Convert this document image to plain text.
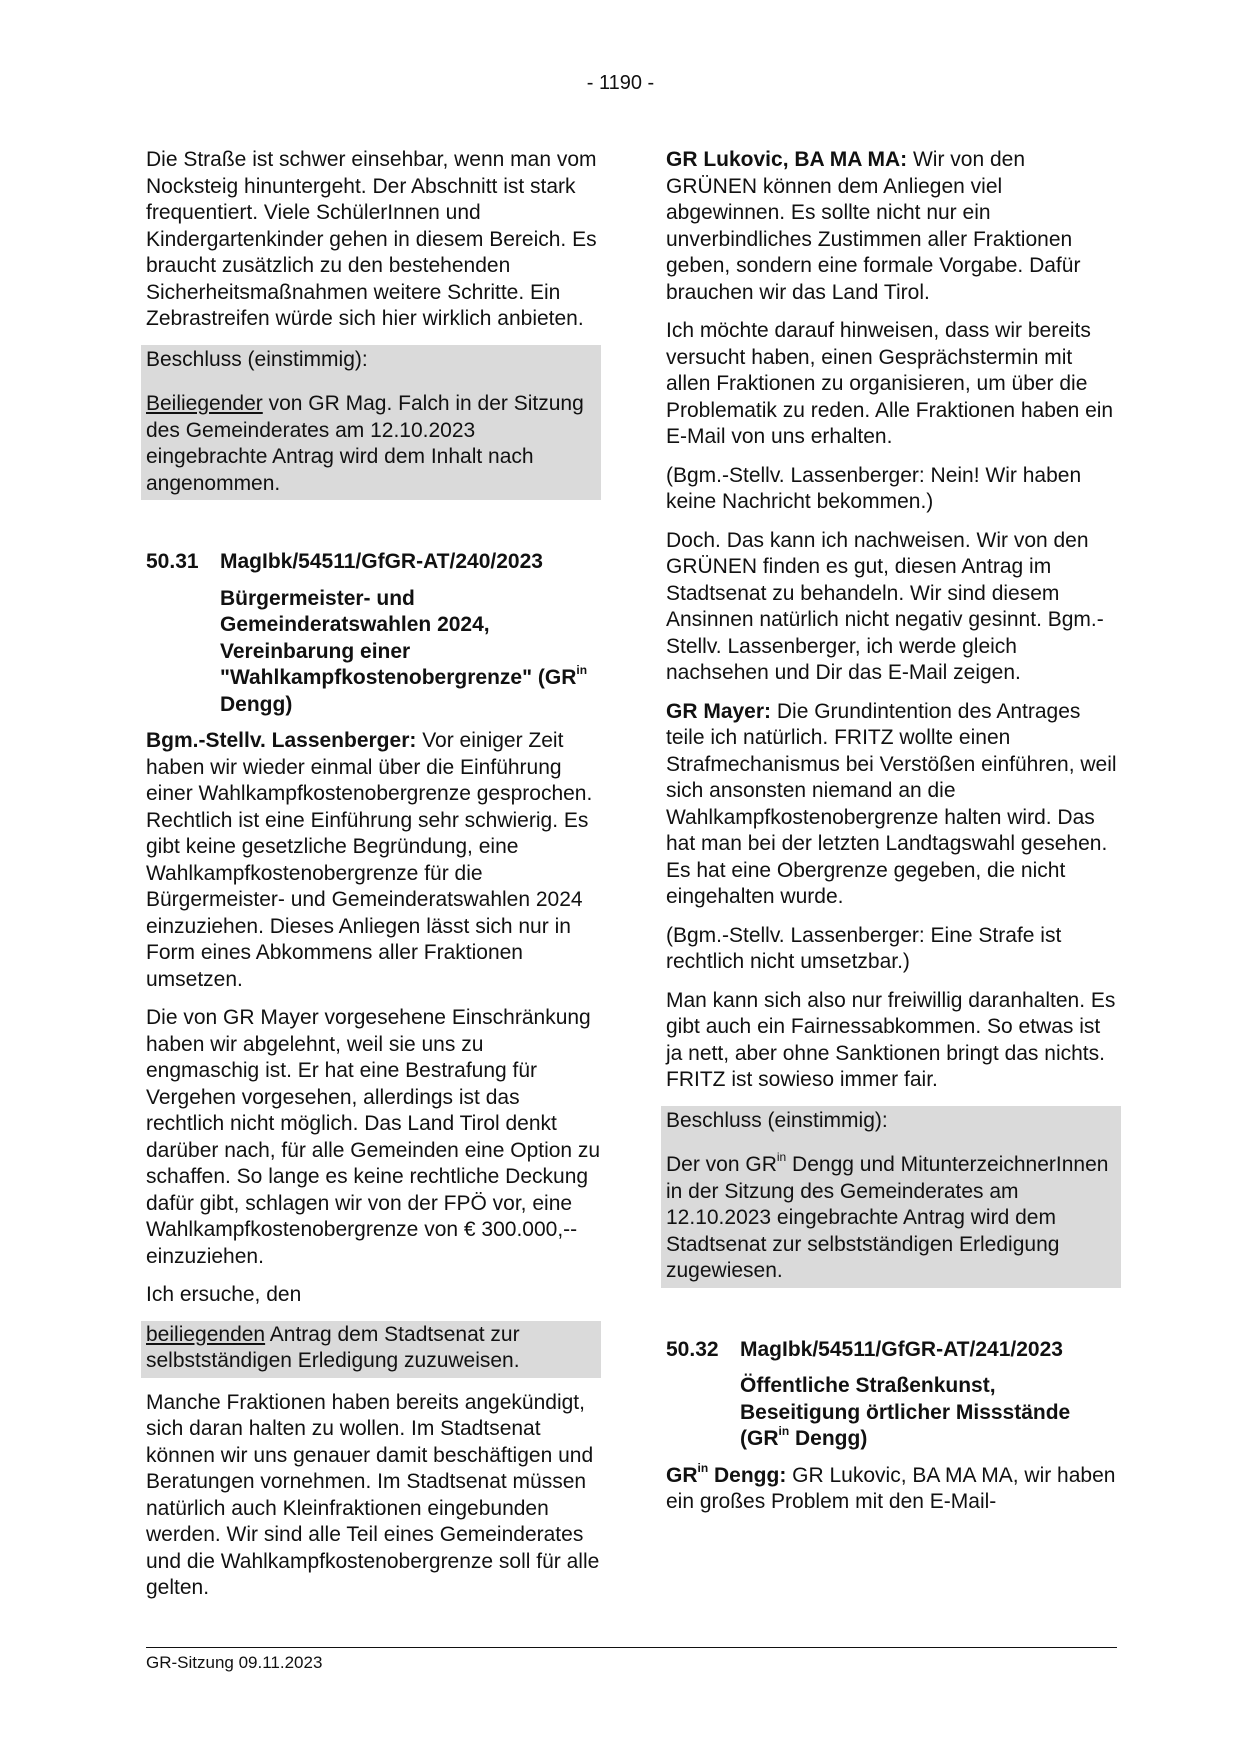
- 1190 -

Die Straße ist schwer einsehbar, wenn man vom Nocksteig hinuntergeht. Der Abschnitt ist stark frequentiert. Viele SchülerInnen und Kindergartenkinder gehen in diesem Bereich. Es braucht zusätzlich zu den bestehenden Sicherheitsmaßnahmen weitere Schritte. Ein Zebrastreifen würde sich hier wirklich anbieten.

Beschluss (einstimmig):

Beiliegender von GR Mag. Falch in der Sitzung des Gemeinderates am 12.10.2023 eingebrachte Antrag wird dem Inhalt nach angenommen.

50.31	MagIbk/54511/GfGR-AT/240/2023
Bürgermeister- und Gemeinderatswahlen 2024, Vereinbarung einer "Wahlkampfkostenobergrenze" ($GR^{in}$ Dengg)

Bgm.-Stellv. Lassenberger: Vor einiger Zeit haben wir wieder einmal über die Einführung einer Wahlkampfkostenobergrenze gesprochen. Rechtlich ist eine Einführung sehr schwierig. Es gibt keine gesetzliche Begründung, eine Wahlkampfkostenobergrenze für die Bürgermeister- und Gemeinderatswahlen 2024 einzuziehen. Dieses Anliegen lässt sich nur in Form eines Abkommens aller Fraktionen umsetzen.

Die von GR Mayer vorgesehene Einschränkung haben wir abgelehnt, weil sie uns zu engmaschig ist. Er hat eine Bestrafung für Vergehen vorgesehen, allerdings ist das rechtlich nicht möglich. Das Land Tirol denkt darüber nach, für alle Gemeinden eine Option zu schaffen. So lange es keine rechtliche Deckung dafür gibt, schlagen wir von der FPÖ vor, eine Wahlkampfkostenobergrenze von € 300.000,-- einzuziehen.

Ich ersuche, den

beiliegenden Antrag dem Stadtsenat zur selbstständigen Erledigung zuzuweisen.

Manche Fraktionen haben bereits angekündigt, sich daran halten zu wollen. Im Stadtsenat können wir uns genauer damit beschäftigen und Beratungen vornehmen. Im Stadtsenat müssen natürlich auch Kleinfraktionen eingebunden werden. Wir sind alle Teil eines Gemeinderates und die Wahlkampfkostenobergrenze soll für alle gelten.

GR Lukovic, BA MA MA: Wir von den GRÜNEN können dem Anliegen viel abgewinnen. Es sollte nicht nur ein unverbindliches Zustimmen aller Fraktionen geben, sondern eine formale Vorgabe. Dafür brauchen wir das Land Tirol.

Ich möchte darauf hinweisen, dass wir bereits versucht haben, einen Gesprächstermin mit allen Fraktionen zu organisieren, um über die Problematik zu reden. Alle Fraktionen haben ein E-Mail von uns erhalten.

(Bgm.-Stellv. Lassenberger: Nein! Wir haben keine Nachricht bekommen.)

Doch. Das kann ich nachweisen. Wir von den GRÜNEN finden es gut, diesen Antrag im Stadtsenat zu behandeln. Wir sind diesem Ansinnen natürlich nicht negativ gesinnt. Bgm.-Stellv. Lassenberger, ich werde gleich nachsehen und Dir das E-Mail zeigen.

GR Mayer: Die Grundintention des Antrages teile ich natürlich. FRITZ wollte einen Strafmechanismus bei Verstößen einführen, weil sich ansonsten niemand an die Wahlkampfkostenobergrenze halten wird. Das hat man bei der letzten Landtagswahl gesehen. Es hat eine Obergrenze gegeben, die nicht eingehalten wurde.

(Bgm.-Stellv. Lassenberger: Eine Strafe ist rechtlich nicht umsetzbar.)

Man kann sich also nur freiwillig daranhalten. Es gibt auch ein Fairnessabkommen. So etwas ist ja nett, aber ohne Sanktionen bringt das nichts. FRITZ ist sowieso immer fair.

Beschluss (einstimmig):

Der von $GR^{in}$ Dengg und MitunterzeichnerInnen in der Sitzung des Gemeinderates am 12.10.2023 eingebrachte Antrag wird dem Stadtsenat zur selbstständigen Erledigung zugewiesen.

50.32	MagIbk/54511/GfGR-AT/241/2023
Öffentliche Straßenkunst, Beseitigung örtlicher Missstände
($GR^{in}$ Dengg)

$GR^{in}$ Dengg: GR Lukovic, BA MA MA, wir haben ein großes Problem mit den E-Mail-

GR-Sitzung 09.11.2023
